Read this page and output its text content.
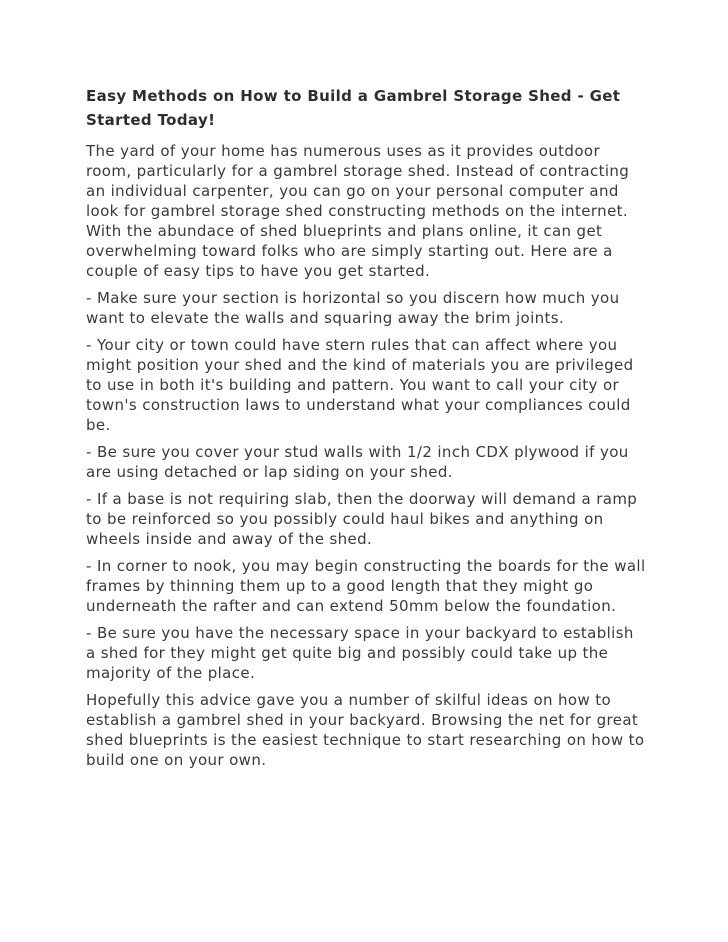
Easy Methods on How to Build a Gambrel Storage Shed - Get Started Today!

The yard of your home has numerous uses as it provides outdoor room, particularly for a gambrel storage shed. Instead of contracting an individual carpenter, you can go on your personal computer and look for gambrel storage shed constructing methods on the internet. With the abundace of shed blueprints and plans online, it can get overwhelming toward folks who are simply starting out. Here are a couple of easy tips to have you get started.

- Make sure your section is horizontal so you discern how much you want to elevate the walls and squaring away the brim joints.

- Your city or town could have stern rules that can affect where you might position your shed and the kind of materials you are privileged to use in both it's building and pattern. You want to call your city or town's construction laws to understand what your compliances could be.

- Be sure you cover your stud walls with 1/2 inch CDX plywood if you are using detached or lap siding on your shed.

- If a base is not requiring slab, then the doorway will demand a ramp to be reinforced so you possibly could haul bikes and anything on wheels inside and away of the shed.

- In corner to nook, you may begin constructing the boards for the wall frames by thinning them up to a good length that they might go underneath the rafter and can extend 50mm below the foundation.

- Be sure you have the necessary space in your backyard to establish a shed for they might get quite big and possibly could take up the majority of the place.

Hopefully this advice gave you a number of skilful ideas on how to establish a gambrel shed in your backyard. Browsing the net for great shed blueprints is the easiest technique to start researching on how to build one on your own.
